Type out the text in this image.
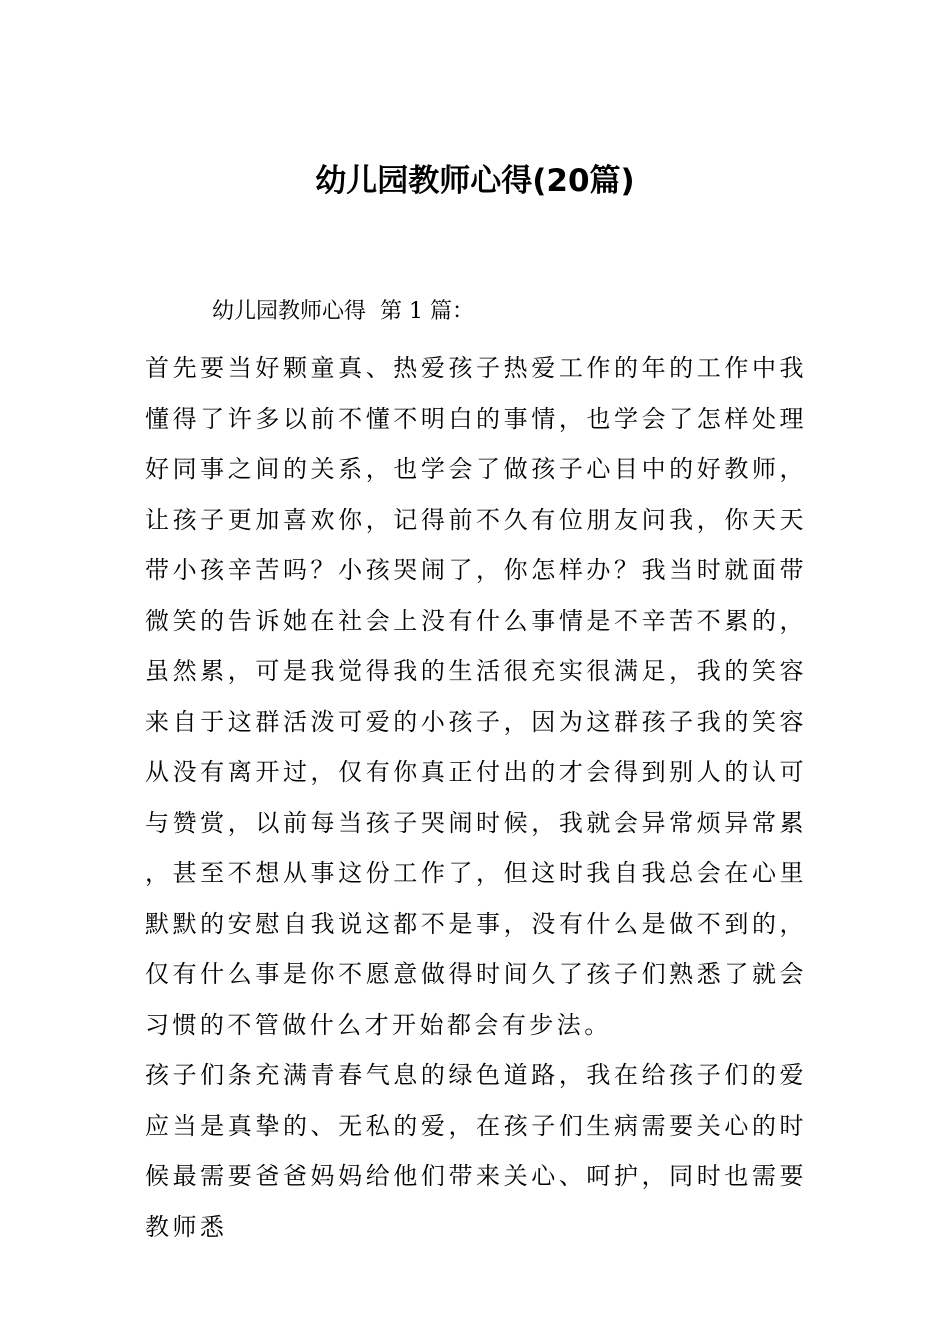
幼儿园教师心得(20篇)
幼儿园教师心得  第 1 篇：

首先要当好颗童真、热爱孩子热爱工作的年的工作中我懂得了许多以前不懂不明白的事情，也学会了怎样处理好同事之间的关系，也学会了做孩子心目中的好教师，让孩子更加喜欢你，记得前不久有位朋友问我，你天天带小孩辛苦吗？小孩哭闹了，你怎样办？我当时就面带微笑的告诉她在社会上没有什么事情是不辛苦不累的，虽然累，可是我觉得我的生活很充实很满足，我的笑容来自于这群活泼可爱的小孩子，因为这群孩子我的笑容从没有离开过，仅有你真正付出的才会得到别人的认可与赞赏，以前每当孩子哭闹时候，我就会异常烦异常累，甚至不想从事这份工作了，但这时我自我总会在心里默默的安慰自我说这都不是事，没有什么是做不到的，仅有什么事是你不愿意做得时间久了孩子们熟悉了就会习惯的不管做什么才开始都会有步法。

孩子们条充满青春气息的绿色道路，我在给孩子们的爱应当是真挚的、无私的爱，在孩子们生病需要关心的时候最需要爸爸妈妈给他们带来关心、呵护，同时也需要教师悉
